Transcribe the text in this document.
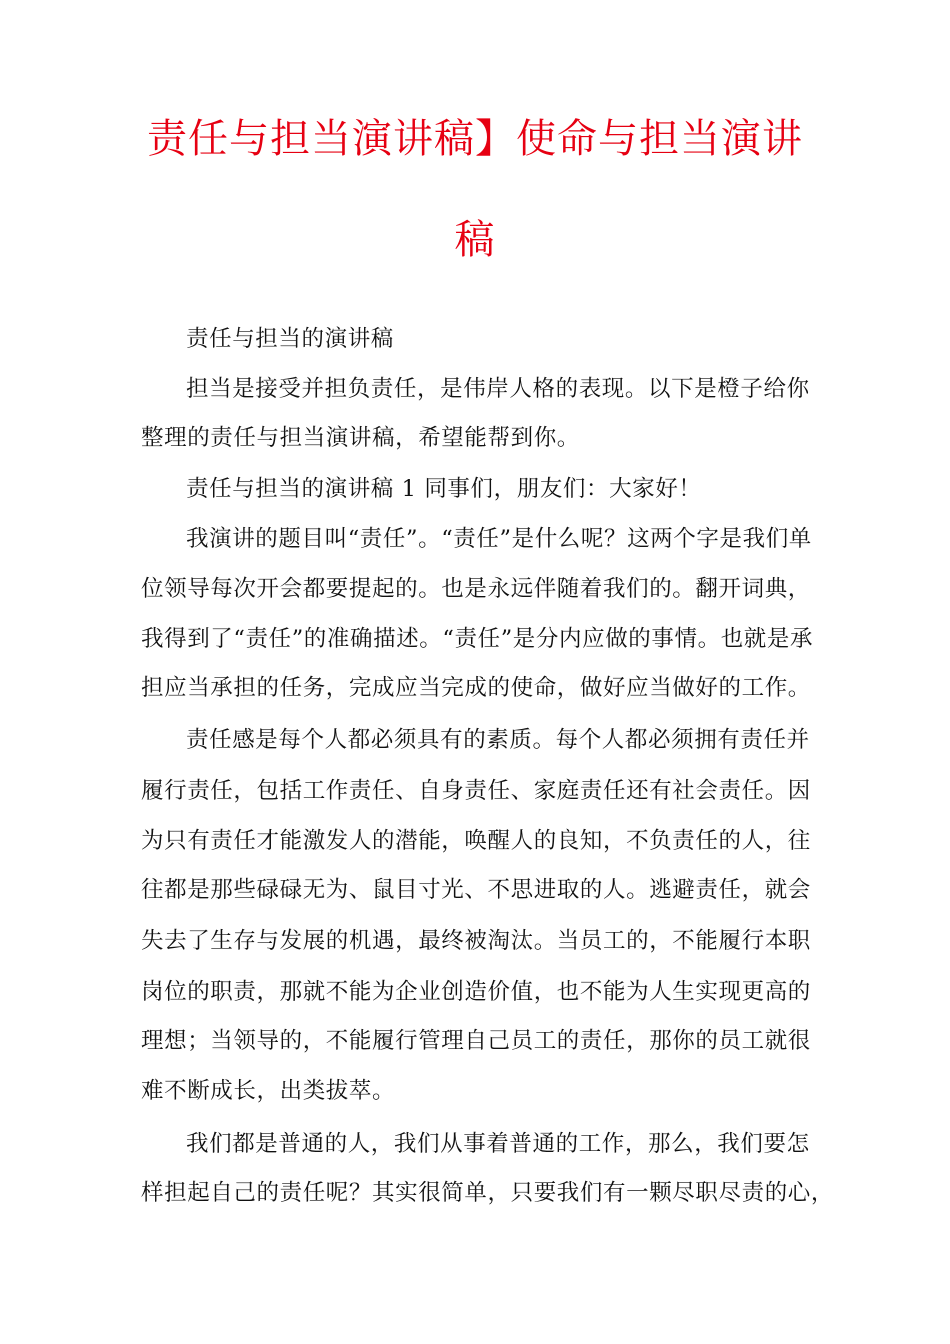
责任与担当演讲稿】使命与担当演讲
稿
责任与担当的演讲稿
担当是接受并担负责任，是伟岸人格的表现。以下是橙子给你
整理的责任与担当演讲稿，希望能帮到你。
责任与担当的演讲稿 1 同事们，朋友们：大家好！
我演讲的题目叫“责任”。“责任”是什么呢？这两个字是我们单
位领导每次开会都要提起的。也是永远伴随着我们的。翻开词典，
我得到了“责任”的准确描述。“责任”是分内应做的事情。也就是承
担应当承担的任务，完成应当完成的使命，做好应当做好的工作。
责任感是每个人都必须具有的素质。每个人都必须拥有责任并
履行责任，包括工作责任、自身责任、家庭责任还有社会责任。因
为只有责任才能激发人的潜能，唤醒人的良知，不负责任的人，往
往都是那些碌碌无为、鼠目寸光、不思进取的人。逃避责任，就会
失去了生存与发展的机遇，最终被淘汰。当员工的，不能履行本职
岗位的职责，那就不能为企业创造价值，也不能为人生实现更高的
理想；当领导的，不能履行管理自己员工的责任，那你的员工就很
难不断成长，出类拔萃。
我们都是普通的人，我们从事着普通的工作，那么，我们要怎
样担起自己的责任呢？其实很简单，只要我们有一颗尽职尽责的心，
